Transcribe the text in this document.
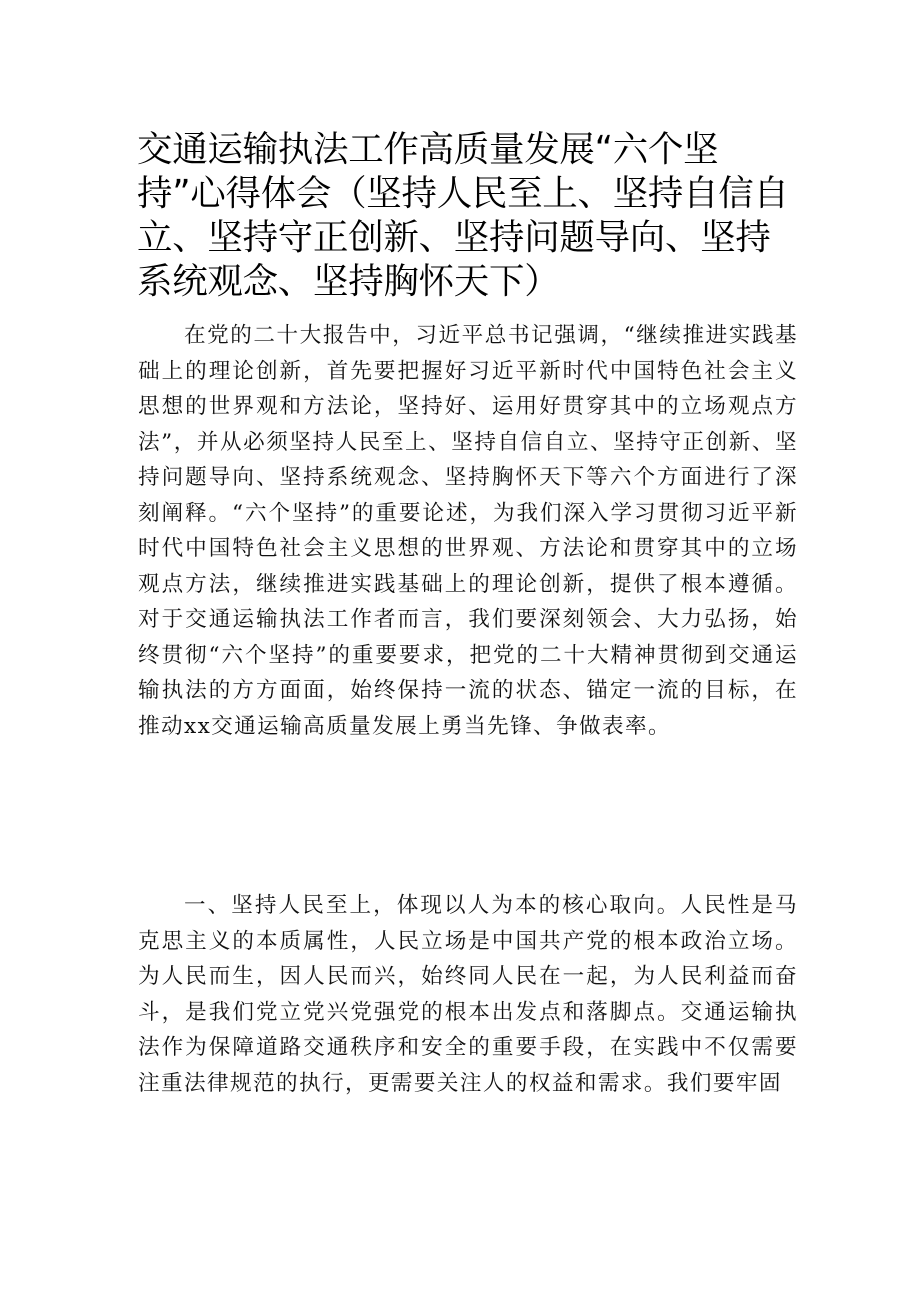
交通运输执法工作高质量发展“六个坚持”心得体会（坚持人民至上、坚持自信自立、坚持守正创新、坚持问题导向、坚持系统观念、坚持胸怀天下）

在党的二十大报告中，习近平总书记强调，“继续推进实践基础上的理论创新，首先要把握好习近平新时代中国特色社会主义思想的世界观和方法论，坚持好、运用好贯穿其中的立场观点方法”，并从必须坚持人民至上、坚持自信自立、坚持守正创新、坚持问题导向、坚持系统观念、坚持胸怀天下等六个方面进行了深刻阐释。“六个坚持”的重要论述，为我们深入学习贯彻习近平新时代中国特色社会主义思想的世界观、方法论和贯穿其中的立场观点方法，继续推进实践基础上的理论创新，提供了根本遵循。对于交通运输执法工作者而言，我们要深刻领会、大力弘扬，始终贯彻“六个坚持”的重要要求，把党的二十大精神贯彻到交通运输执法的方方面面，始终保持一流的状态、锚定一流的目标，在推动xx交通运输高质量发展上勇当先锋、争做表率。

一、坚持人民至上，体现以人为本的核心取向。人民性是马克思主义的本质属性，人民立场是中国共产党的根本政治立场。为人民而生，因人民而兴，始终同人民在一起，为人民利益而奋斗，是我们党立党兴党强党的根本出发点和落脚点。交通运输执法作为保障道路交通秩序和安全的重要手段，在实践中不仅需要注重法律规范的执行，更需要关注人的权益和需求。我们要牢固
